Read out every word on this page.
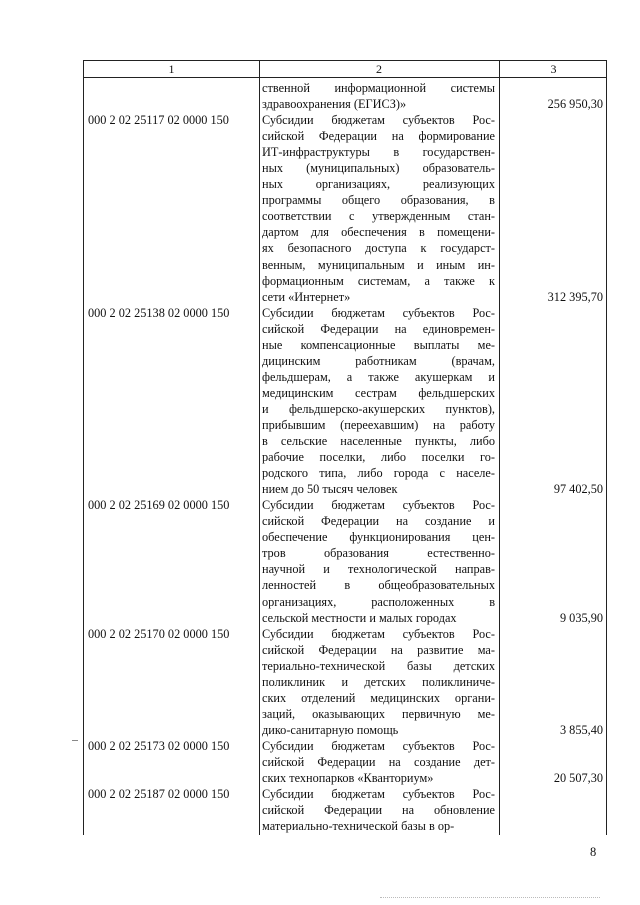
1	2	3
ственной информационной системы
здравоохранения (ЕГИСЗ)»
Субсидии бюджетам субъектов Рос-
сийской Федерации на формирование
ИТ-инфраструктуры в государствен-
ных (муниципальных) образователь-
ных организациях, реализующих
программы общего образования, в
соответствии с утвержденным стан-
дартом для обеспечения в помещени-
ях безопасного доступа к государст-
венным, муниципальным и иным ин-
формационным системам, а также к
сети «Интернет»
Субсидии бюджетам субъектов Рос-
сийской Федерации на единовремен-
ные компенсационные выплаты ме-
дицинским работникам (врачам,
фельдшерам, а также акушеркам и
медицинским сестрам фельдшерских
и фельдшерско-акушерских пунктов),
прибывшим (переехавшим) на работу
в сельские населенные пункты, либо
рабочие поселки, либо поселки го-
родского типа, либо города с населе-
нием до 50 тысяч человек
Субсидии бюджетам субъектов Рос-
сийской Федерации на создание и
обеспечение функционирования цен-
тров образования естественно-
научной и технологической направ-
ленностей в общеобразовательных
организациях, расположенных в
сельской местности и малых городах
Субсидии бюджетам субъектов Рос-
сийской Федерации на развитие ма-
териально-технической базы детских
поликлиник и детских поликлиниче-
ских отделений медицинских органи-
заций, оказывающих первичную ме-
дико-санитарную помощь
Субсидии бюджетам субъектов Рос-
сийской Федерации на создание дет-
ских технопарков «Кванториум»
Субсидии бюджетам субъектов Рос-
сийской Федерации на обновление
материально-технической базы в ор-
000 2 02 25117 02 0000 150
000 2 02 25138 02 0000 150
000 2 02 25169 02 0000 150
000 2 02 25170 02 0000 150
000 2 02 25173 02 0000 150
000 2 02 25187 02 0000 150
256 950,30
312 395,70
97 402,50
9 035,90
3 855,40
20 507,30
8
